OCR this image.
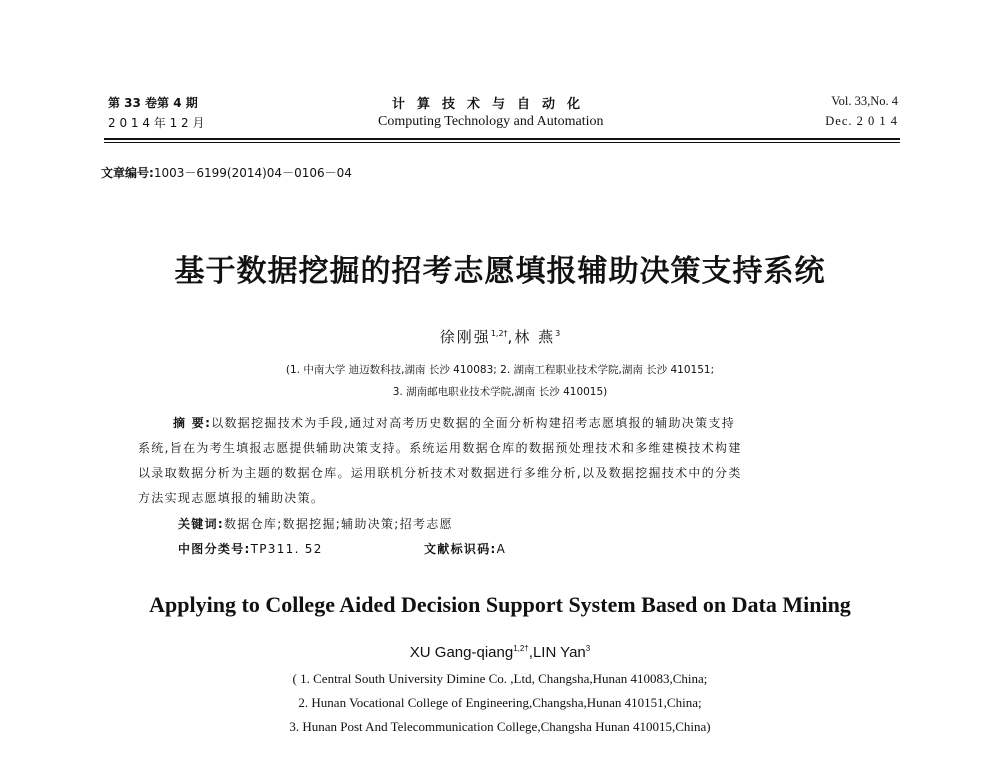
第 33 卷第 4 期
2 0 1 4 年 1 2 月
计算技术与自动化
Computing Technology and Automation
Vol. 33,No. 4
Dec. 2 0 1 4
文章编号:1003－6199(2014)04－0106－04
基于数据挖掘的招考志愿填报辅助决策支持系统
徐刚强$^{1,2\dagger}$,林 燕$^3$
(1. 中南大学 迪迈数科技,湖南 长沙 410083; 2. 湖南工程职业技术学院,湖南 长沙 410151;
3. 湖南邮电职业技术学院,湖南 长沙 410015)
摘 要:以数据挖掘技术为手段,通过对高考历史数据的全面分析构建招考志愿填报的辅助决策支持
系统,旨在为考生填报志愿提供辅助决策支持。系统运用数据仓库的数据预处理技术和多维建模技术构建
以录取数据分析为主题的数据仓库。运用联机分析技术对数据进行多维分析,以及数据挖掘技术中的分类
方法实现志愿填报的辅助决策。
关键词:数据仓库;数据挖掘;辅助决策;招考志愿
中图分类号:TP311. 52	文献标识码:A
Applying to College Aided Decision Support System Based on Data Mining
XU Gang-qiang$^{1,2\dagger}$,LIN Yan$^3$
( 1. Central South University Dimine Co. ,Ltd, Changsha,Hunan 410083,China;
2. Hunan Vocational College of Engineering,Changsha,Hunan 410151,China;
3. Hunan Post And Telecommunication College,Changsha Hunan 410015,China)
